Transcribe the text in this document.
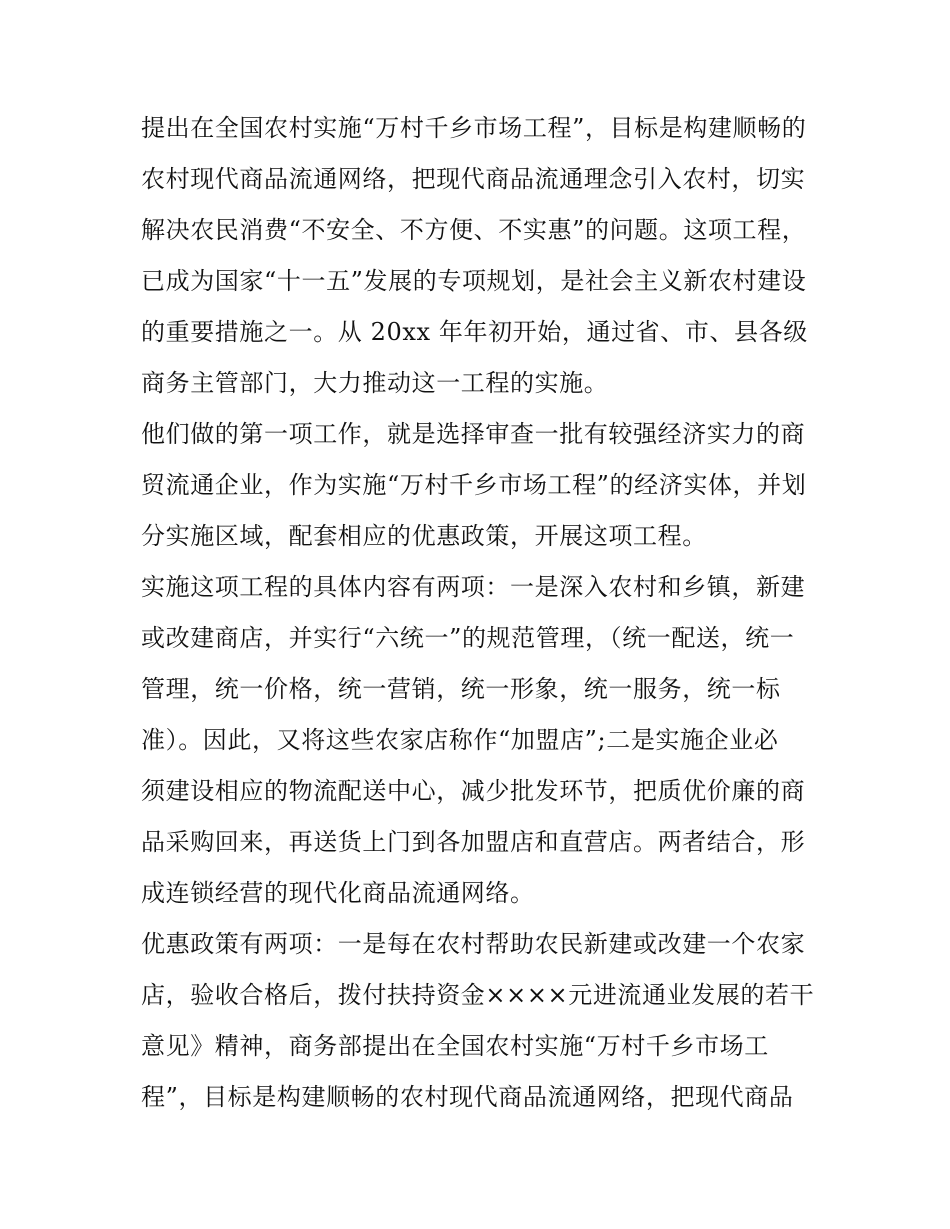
提出在全国农村实施“万村千乡市场工程”，目标是构建顺畅的
农村现代商品流通网络，把现代商品流通理念引入农村，切实
解决农民消费“不安全、不方便、不实惠”的问题。这项工程，
已成为国家“十一五”发展的专项规划，是社会主义新农村建设
的重要措施之一。从 20xx 年年初开始，通过省、市、县各级
商务主管部门，大力推动这一工程的实施。
他们做的第一项工作，就是选择审查一批有较强经济实力的商
贸流通企业，作为实施“万村千乡市场工程”的经济实体，并划
分实施区域，配套相应的优惠政策，开展这项工程。
实施这项工程的具体内容有两项：一是深入农村和乡镇，新建
或改建商店，并实行“六统一”的规范管理，（统一配送，统一
管理，统一价格，统一营销，统一形象，统一服务，统一标
准）。因此，又将这些农家店称作“加盟店”;二是实施企业必
须建设相应的物流配送中心，减少批发环节，把质优价廉的商
品采购回来，再送货上门到各加盟店和直营店。两者结合，形
成连锁经营的现代化商品流通网络。
优惠政策有两项：一是每在农村帮助农民新建或改建一个农家
店，验收合格后，拨付扶持资金××××元进流通业发展的若干
意见》精神，商务部提出在全国农村实施“万村千乡市场工
程”，目标是构建顺畅的农村现代商品流通网络，把现代商品
